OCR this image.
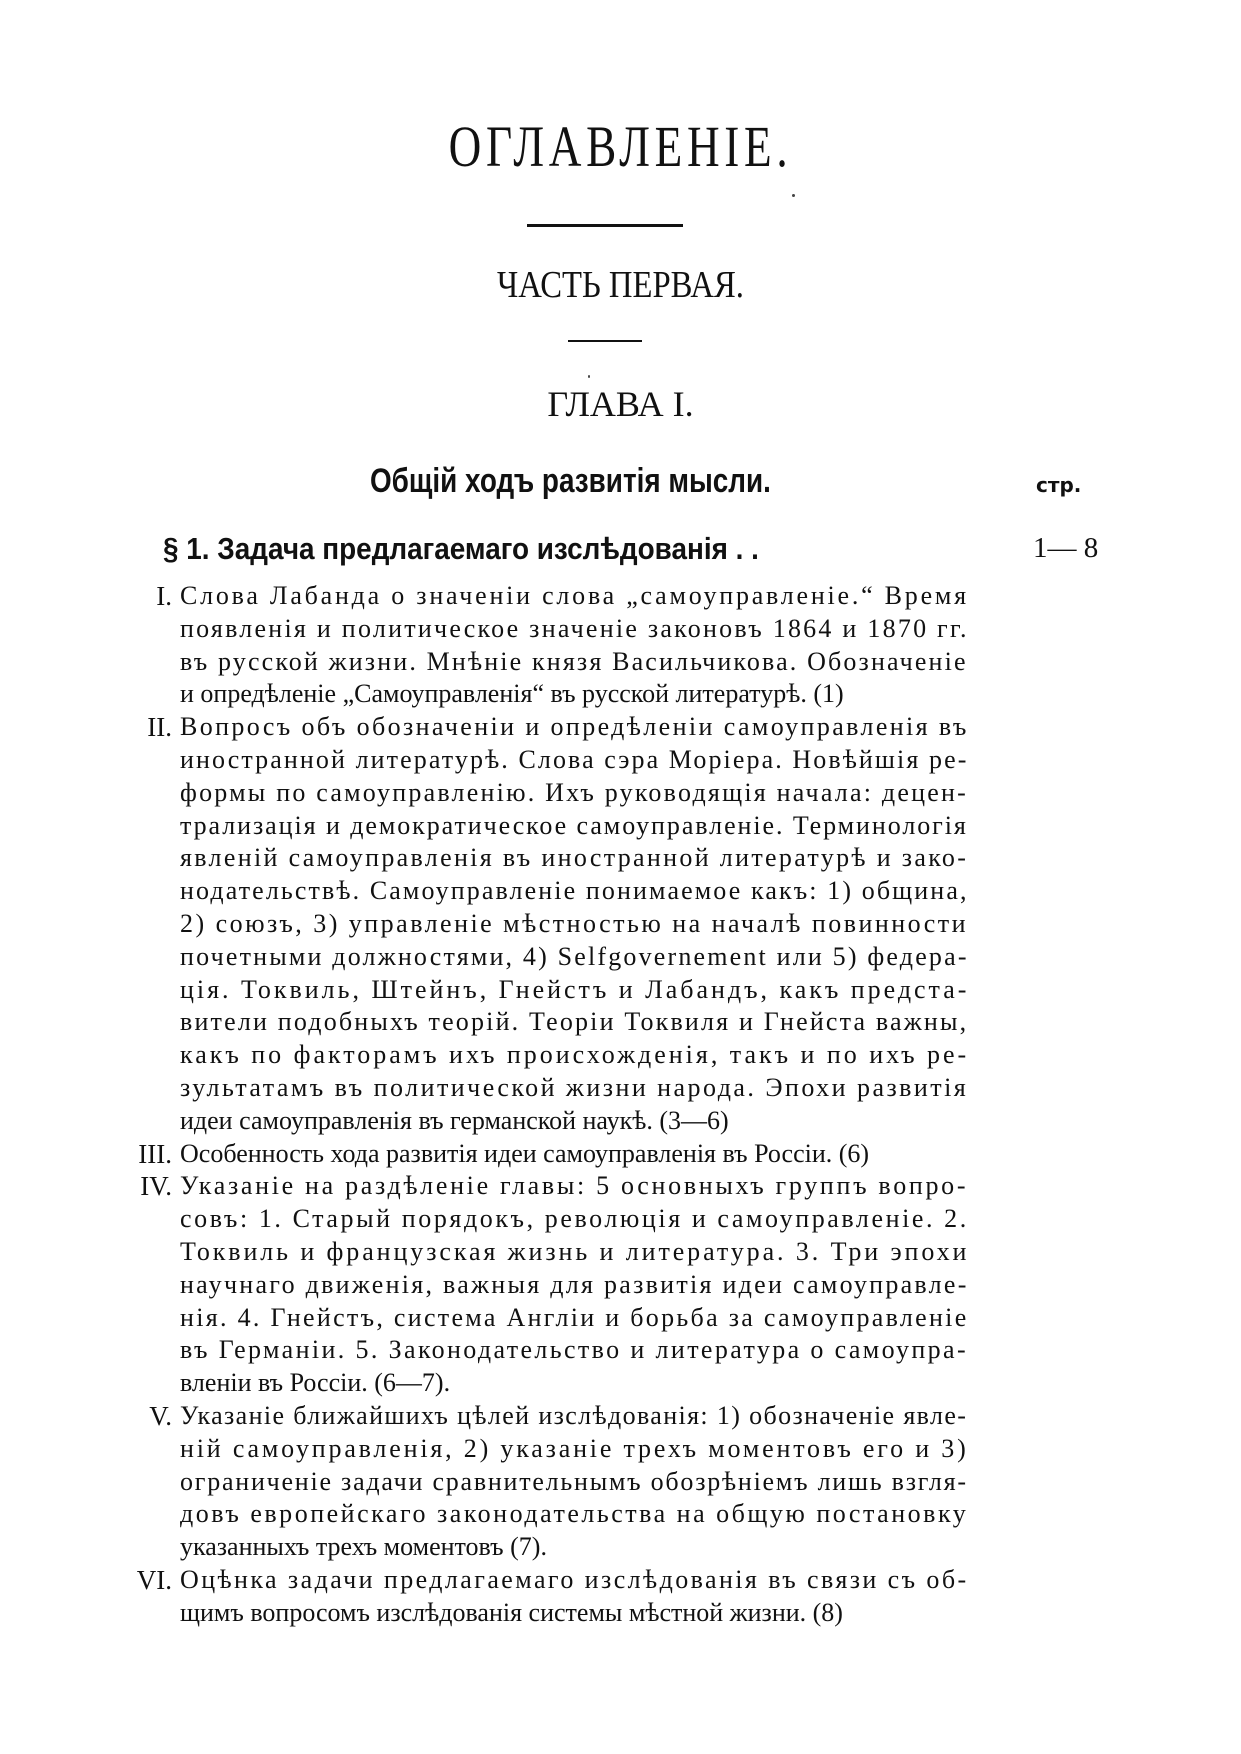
ОГЛАВЛЕНІЕ.
ЧАСТЬ ПЕРВАЯ.
ГЛАВА I.
Общій ходъ развитія мысли.	стр.
§ 1. Задача предлагаемаго изслѣдованія . .	1— 8
I. Слова Лабанда о значеніи слова „самоуправленіе.“ Время
появленія и политическое значеніе законовъ 1864 и 1870 гг.
въ русской жизни. Мнѣніе князя Васильчикова. Обозначеніе
и опредѣленіе „Самоуправленія“ въ русской литературѣ. (1)
II. Вопросъ объ обозначеніи и опредѣленіи самоуправленія въ
иностранной литературѣ. Слова сэра Моріера. Новѣйшія ре-
формы по самоуправленію. Ихъ руководящія начала: децен-
трализація и демократическое самоуправленіе. Терминологія
явленій самоуправленія въ иностранной литературѣ и зако-
нодательствѣ. Самоуправленіе понимаемое какъ: 1) община,
2) союзъ, 3) управленіе мѣстностью на началѣ повинности
почетными должностями, 4) Selfgovernement или 5) федера-
ція. Токвиль, Штейнъ, Гнейстъ и Лабандъ, какъ предста-
вители подобныхъ теорій. Теоріи Токвиля и Гнейста важны,
какъ по факторамъ ихъ происхожденія, такъ и по ихъ ре-
зультатамъ въ политической жизни народа. Эпохи развитія
идеи самоуправленія въ германской наукѣ. (3—6)
III. Особенность хода развитія идеи самоуправленія въ Россіи. (6)
IV. Указаніе на раздѣленіе главы: 5 основныхъ группъ вопро-
совъ: 1. Старый порядокъ, революція и самоуправленіе. 2.
Токвиль и французская жизнь и литература. 3. Три эпохи
научнаго движенія, важныя для развитія идеи самоуправле-
нія. 4. Гнейстъ, система Англіи и борьба за самоуправленіе
въ Германіи. 5. Законодательство и литература о самоупра-
вленіи въ Россіи. (6—7).
V. Указаніе ближайшихъ цѣлей изслѣдованія: 1) обозначеніе явле-
ній самоуправленія, 2) указаніе трехъ моментовъ его и 3)
ограниченіе задачи сравнительнымъ обозрѣніемъ лишь взгля-
довъ европейскаго законодательства на общую постановку
указанныхъ трехъ моментовъ (7).
VI. Оцѣнка задачи предлагаемаго изслѣдованія въ связи съ об-
щимъ вопросомъ изслѣдованія системы мѣстной жизни. (8)
